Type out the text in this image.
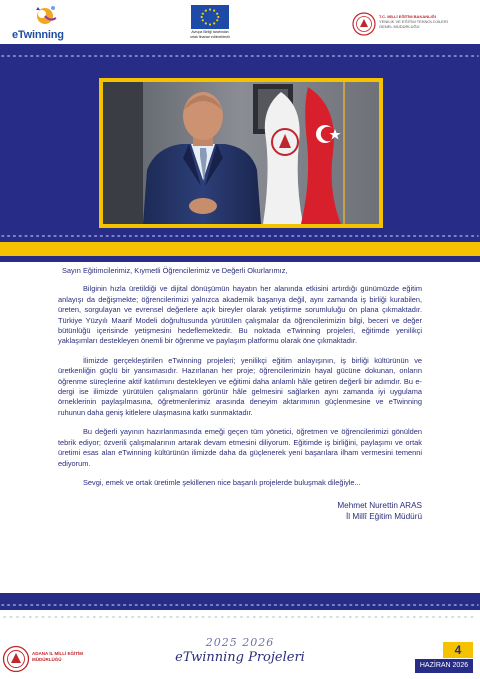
eTwinning	Avrupa Birliği tarafından
ortak finanse edilmektedir
T.C. MİLLİ EĞİTİM BAKANLIĞI
YENİLİK VE EĞİTİM TEKNOLOJİLERİ
GENEL MÜDÜRLÜĞÜ

Sayın Eğitimcilerimiz, Kıymetli Öğrencilerimiz ve Değerli Okurlarımız,

Bilginin hızla üretildiği ve dijital dönüşümün hayatın her alanında etkisini artırdığı günümüzde eğitim anlayışı da değişmekte; öğrencilerimizi yalnızca akademik başarıya değil, aynı zamanda iş birliği kurabilen, üreten, sorgulayan ve evrensel değerlere açık bireyler olarak yetiştirme sorumluluğu ön plana çıkmaktadır. Türkiye Yüzyılı Maarif Modeli doğrultusunda yürütülen çalışmalar da öğrencilerimizin bilgi, beceri ve değer bütünlüğü içerisinde yetişmesini hedeflemektedir. Bu noktada eTwinning projeleri, eğitimde yenilikçi yaklaşımları destekleyen önemli bir öğrenme ve paylaşım platformu olarak öne çıkmaktadır.

İlimizde gerçekleştirilen eTwinning projeleri; yenilikçi eğitim anlayışının, iş birliği kültürünün ve üretkenliğin güçlü bir yansımasıdır. Hazırlanan her proje; öğrencilerimizin hayal gücüne dokunan, onların öğrenme süreçlerine aktif katılımını destekleyen ve eğitimi daha anlamlı hâle getiren değerli bir adımdır. Bu e-dergi ise ilimizde yürütülen çalışmaların görünür hâle gelmesini sağlarken aynı zamanda iyi uygulama örneklerinin paylaşılmasına, öğretmenlerimiz arasında deneyim aktarımının güçlenmesine ve eTwinning ruhunun daha geniş kitlelere ulaşmasına katkı sunmaktadır.

Bu değerli yayının hazırlanmasında emeği geçen tüm yönetici, öğretmen ve öğrencilerimizi gönülden tebrik ediyor; özverili çalışmalarının artarak devam etmesini diliyorum. Eğitimde iş birliğini, paylaşımı ve ortak üretimi esas alan eTwinning kültürünün ilimizde daha da güçlenerek yeni başarılara ilham vermesini temenni ediyorum.

Sevgi, emek ve ortak üretimle şekillenen nice başarılı projelerde buluşmak dileğiyle...

Mehmet Nurettin ARAS
İl Millî Eğitim Müdürü
ADANA İL MİLLİ EĞİTİM
MÜDÜRLÜĞÜ
2025 2026
eTwinning Projeleri	4
HAZİRAN 2026
